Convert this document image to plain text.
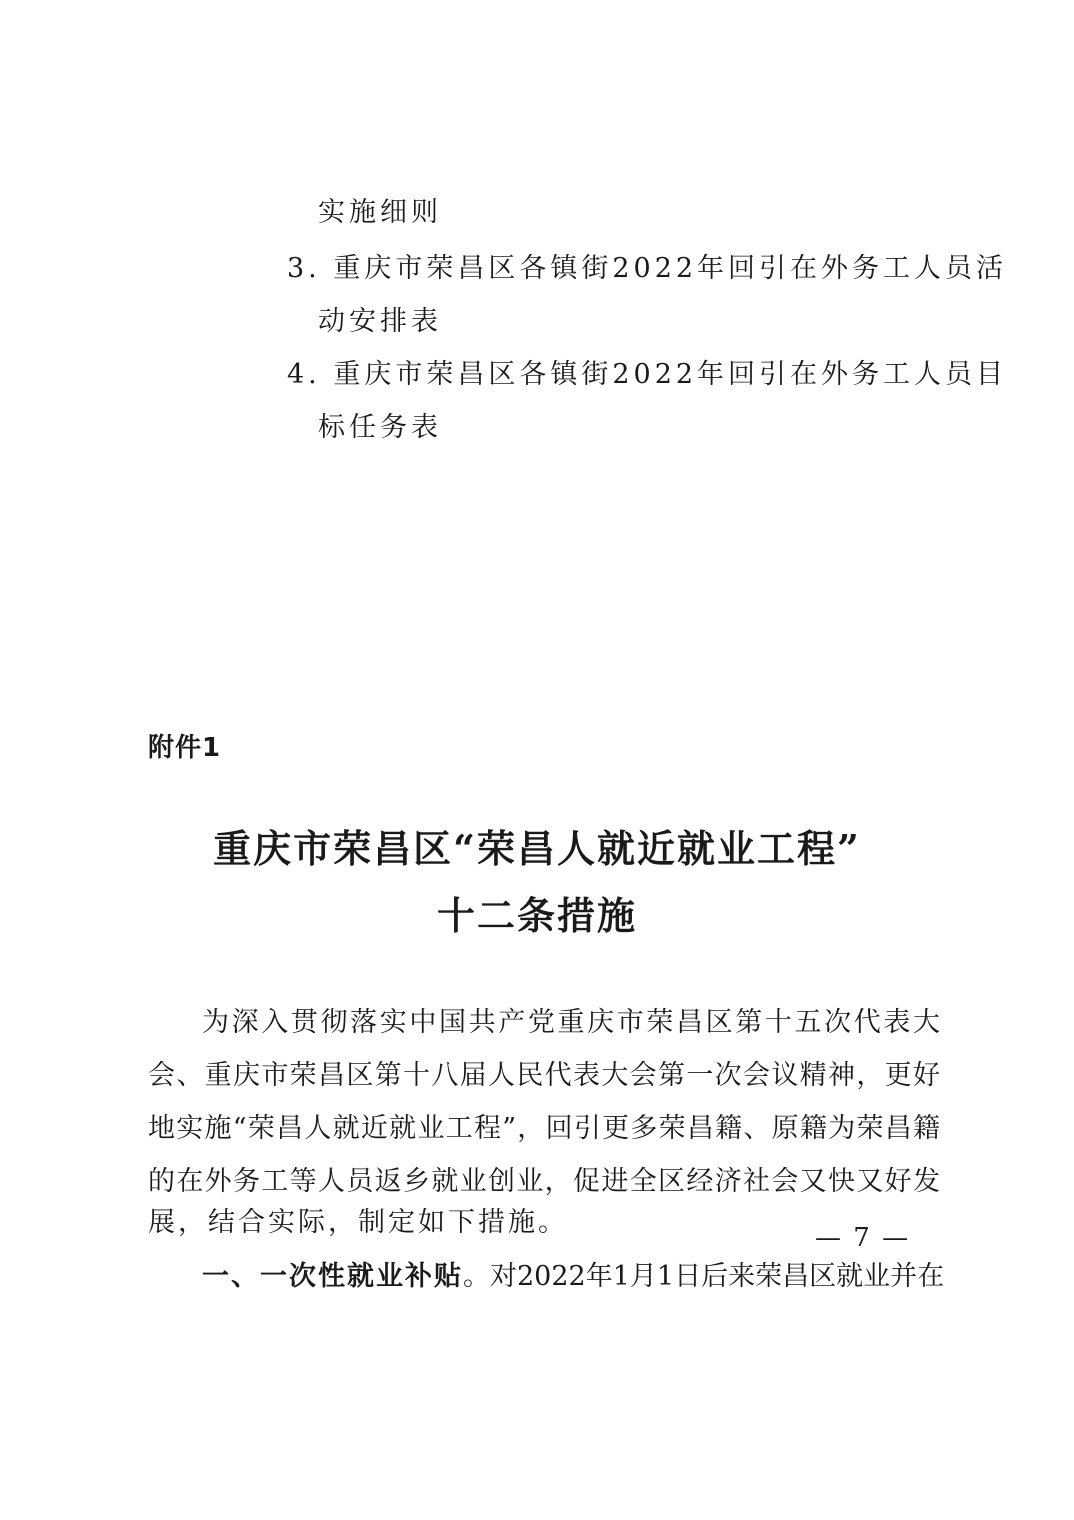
实施细则
3. 重庆市荣昌区各镇街2022年回引在外务工人员活
动安排表
4. 重庆市荣昌区各镇街2022年回引在外务工人员目
标任务表
附件1
重庆市荣昌区“荣昌人就近就业工程”
十二条措施
为深入贯彻落实中国共产党重庆市荣昌区第十五次代表大
会、重庆市荣昌区第十八届人民代表大会第一次会议精神，更好
地实施“荣昌人就近就业工程”，回引更多荣昌籍、原籍为荣昌籍
的在外务工等人员返乡就业创业，促进全区经济社会又快又好发
展，结合实际，制定如下措施。
一、一次性就业补贴。对2022年1月1日后来荣昌区就业并在
— 7 —
